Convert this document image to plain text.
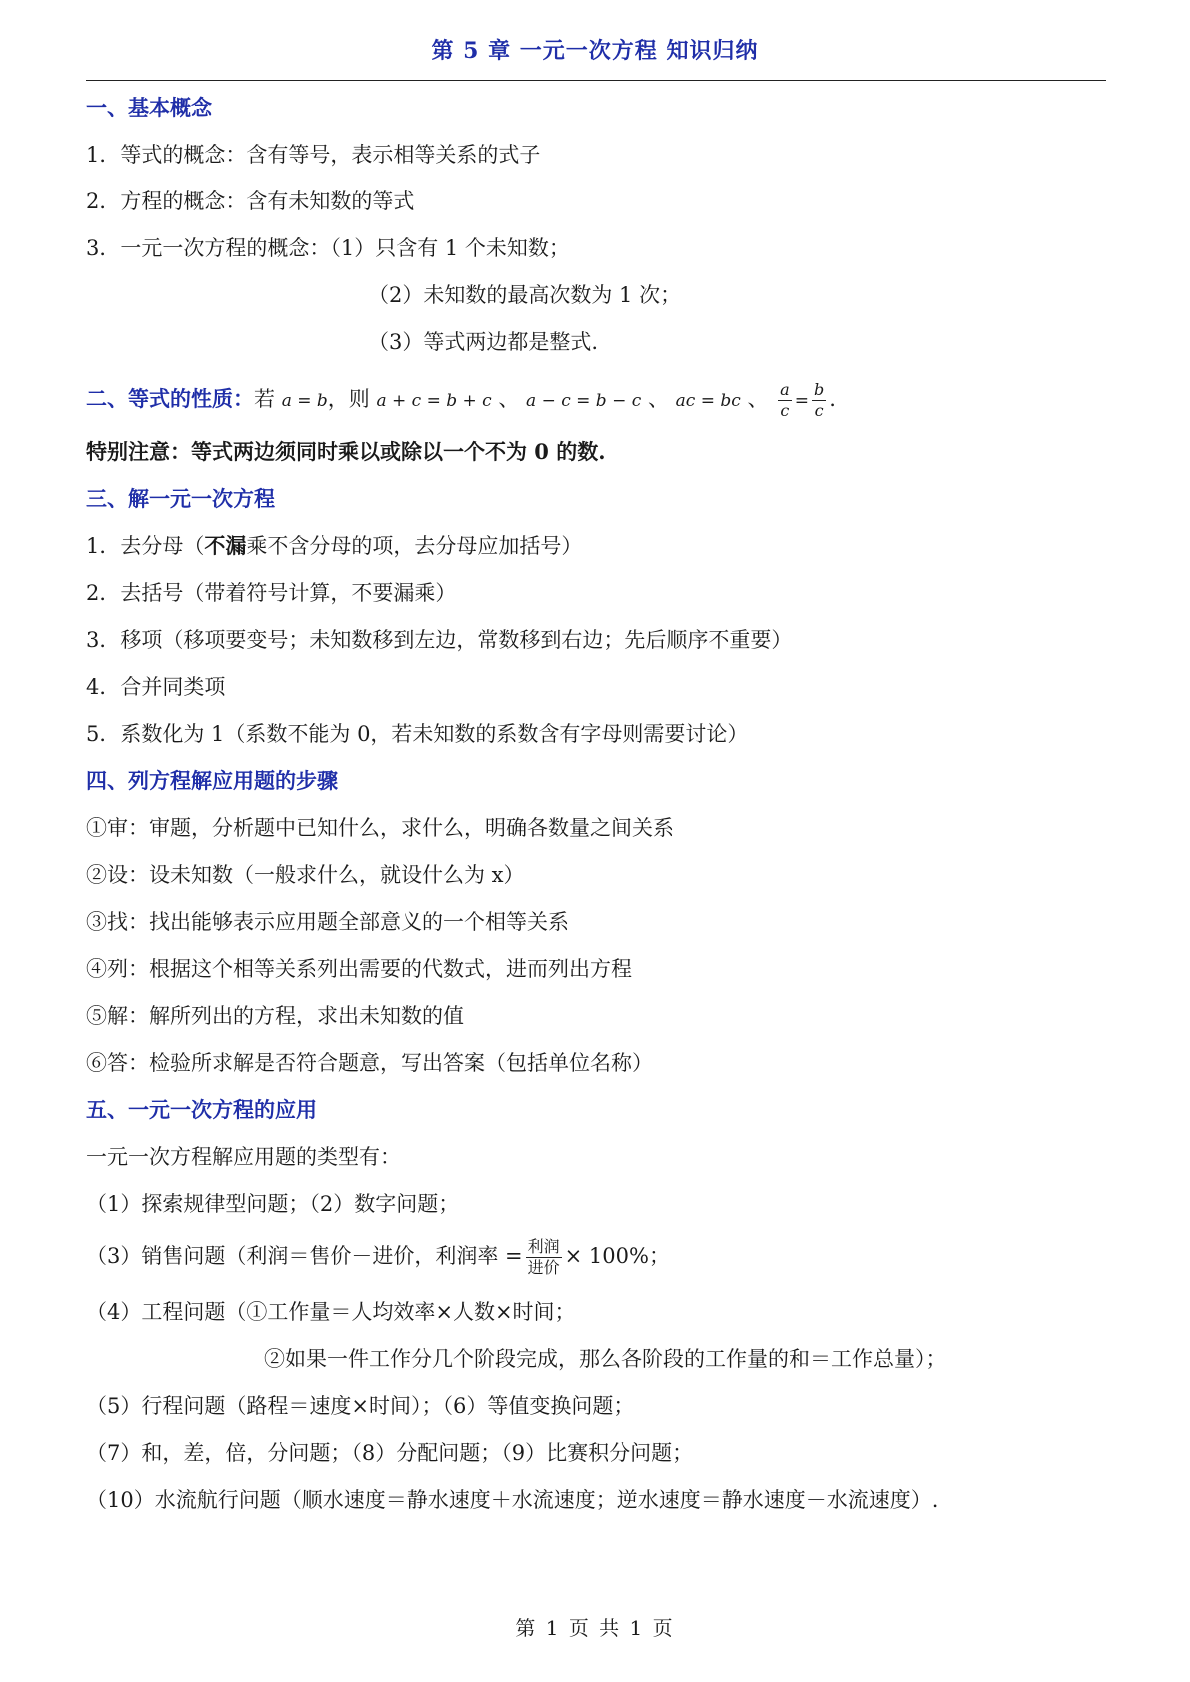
第 5 章 一元一次方程 知识归纳
一、基本概念
1．等式的概念：含有等号，表示相等关系的式子
2．方程的概念：含有未知数的等式
3．一元一次方程的概念：（1）只含有 1 个未知数；
（2）未知数的最高次数为 1 次；
（3）等式两边都是整式.
二、等式的性质：若 a = b，则 a + c = b + c 、 a − c = b − c 、 ac = bc 、 $\frac{a}{c} = \frac{b}{c}$ .
特别注意：等式两边须同时乘以或除以一个不为 0 的数.
三、解一元一次方程
1．去分母（不漏乘不含分母的项，去分母应加括号）
2．去括号（带着符号计算，不要漏乘）
3．移项（移项要变号；未知数移到左边，常数移到右边；先后顺序不重要）
4．合并同类项
5．系数化为 1（系数不能为 0，若未知数的系数含有字母则需要讨论）
四、列方程解应用题的步骤
①审：审题，分析题中已知什么，求什么，明确各数量之间关系
②设：设未知数（一般求什么，就设什么为 x）
③找：找出能够表示应用题全部意义的一个相等关系
④列：根据这个相等关系列出需要的代数式，进而列出方程
⑤解：解所列出的方程，求出未知数的值
⑥答：检验所求解是否符合题意，写出答案（包括单位名称）
五、一元一次方程的应用
一元一次方程解应用题的类型有：
（1）探索规律型问题；（2）数字问题；
（3）销售问题（利润＝售价－进价，利润率 = $\frac{\text{利润}}{\text{进价}} \times 100\%$；
（4）工程问题（①工作量＝人均效率×人数×时间；
②如果一件工作分几个阶段完成，那么各阶段的工作量的和＝工作总量）；
（5）行程问题（路程＝速度×时间）；（6）等值变换问题；
（7）和，差，倍，分问题；（8）分配问题；（9）比赛积分问题；
（10）水流航行问题（顺水速度＝静水速度＋水流速度；逆水速度＝静水速度－水流速度）.
第 1 页 共 1 页
